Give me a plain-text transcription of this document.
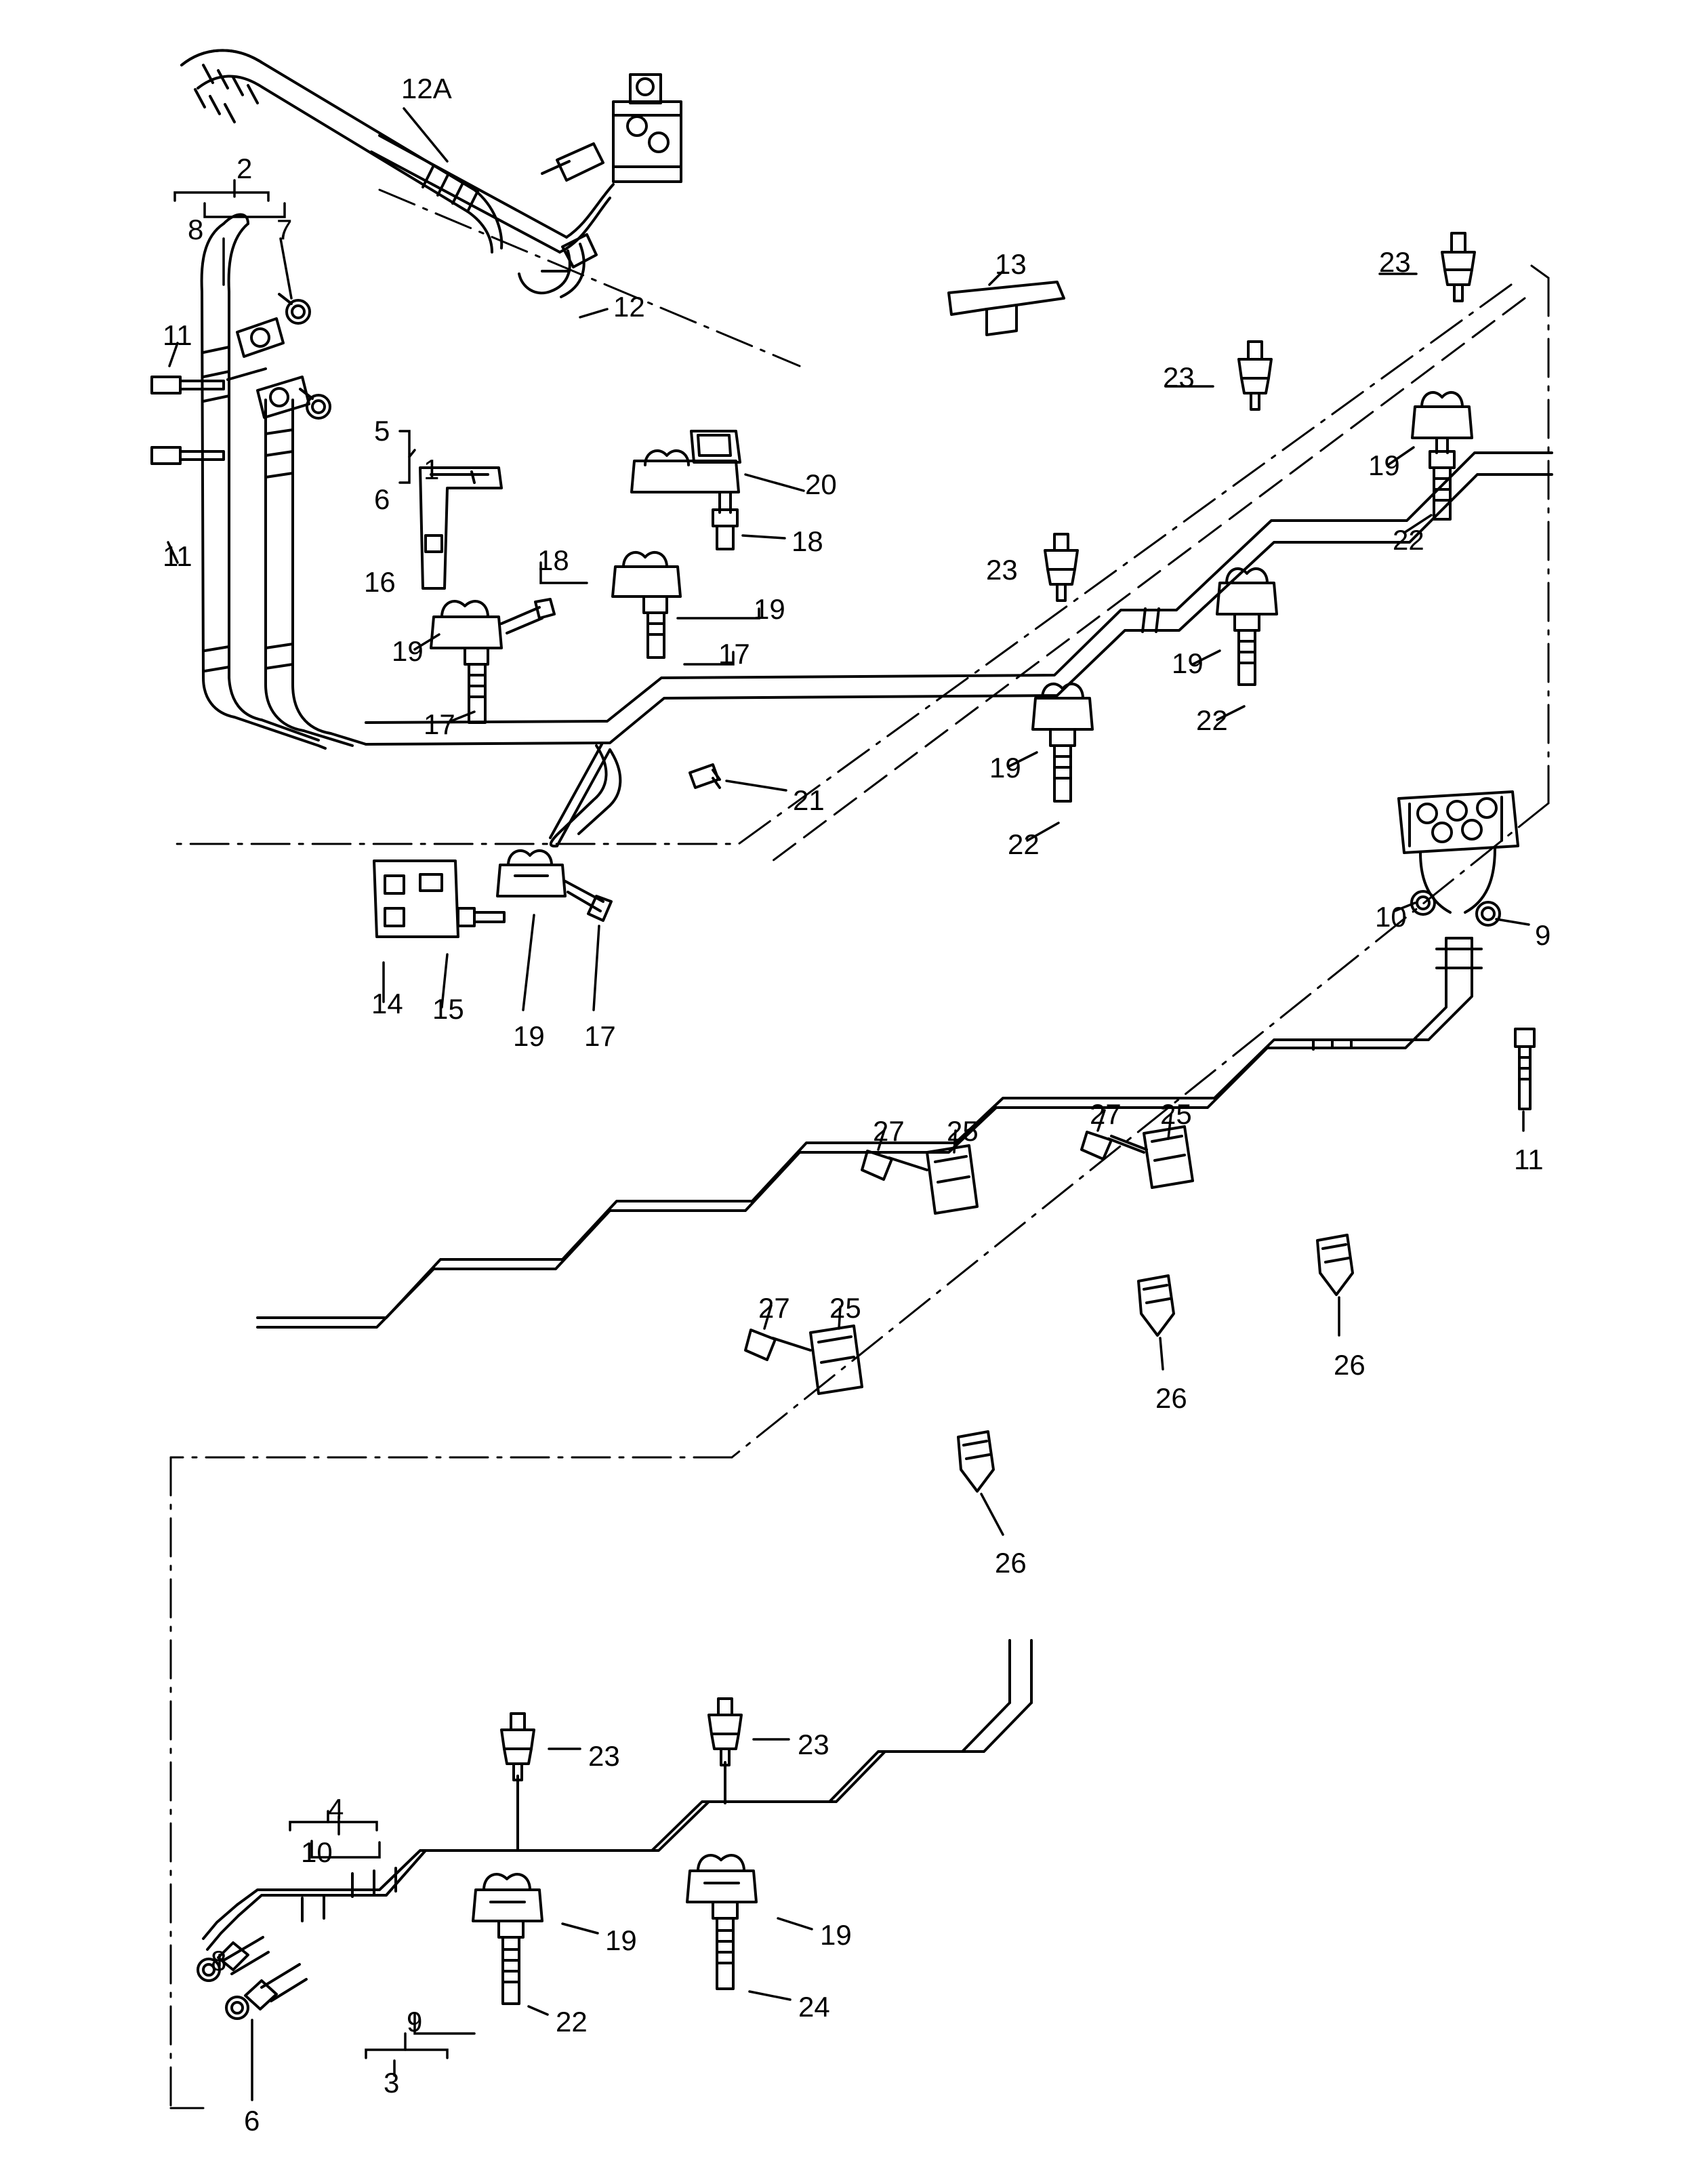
12A
2
8	7
12
13	23
23
11
19
5
1
6
22
20
18
11	18	23
16
19
19
19	17
22
17
19
21
22
10
9
14 15
19 17
11
27 25
27 25
26
27 25
26
26
23	23
4
10
19	19
8
9	22	24
3
6
